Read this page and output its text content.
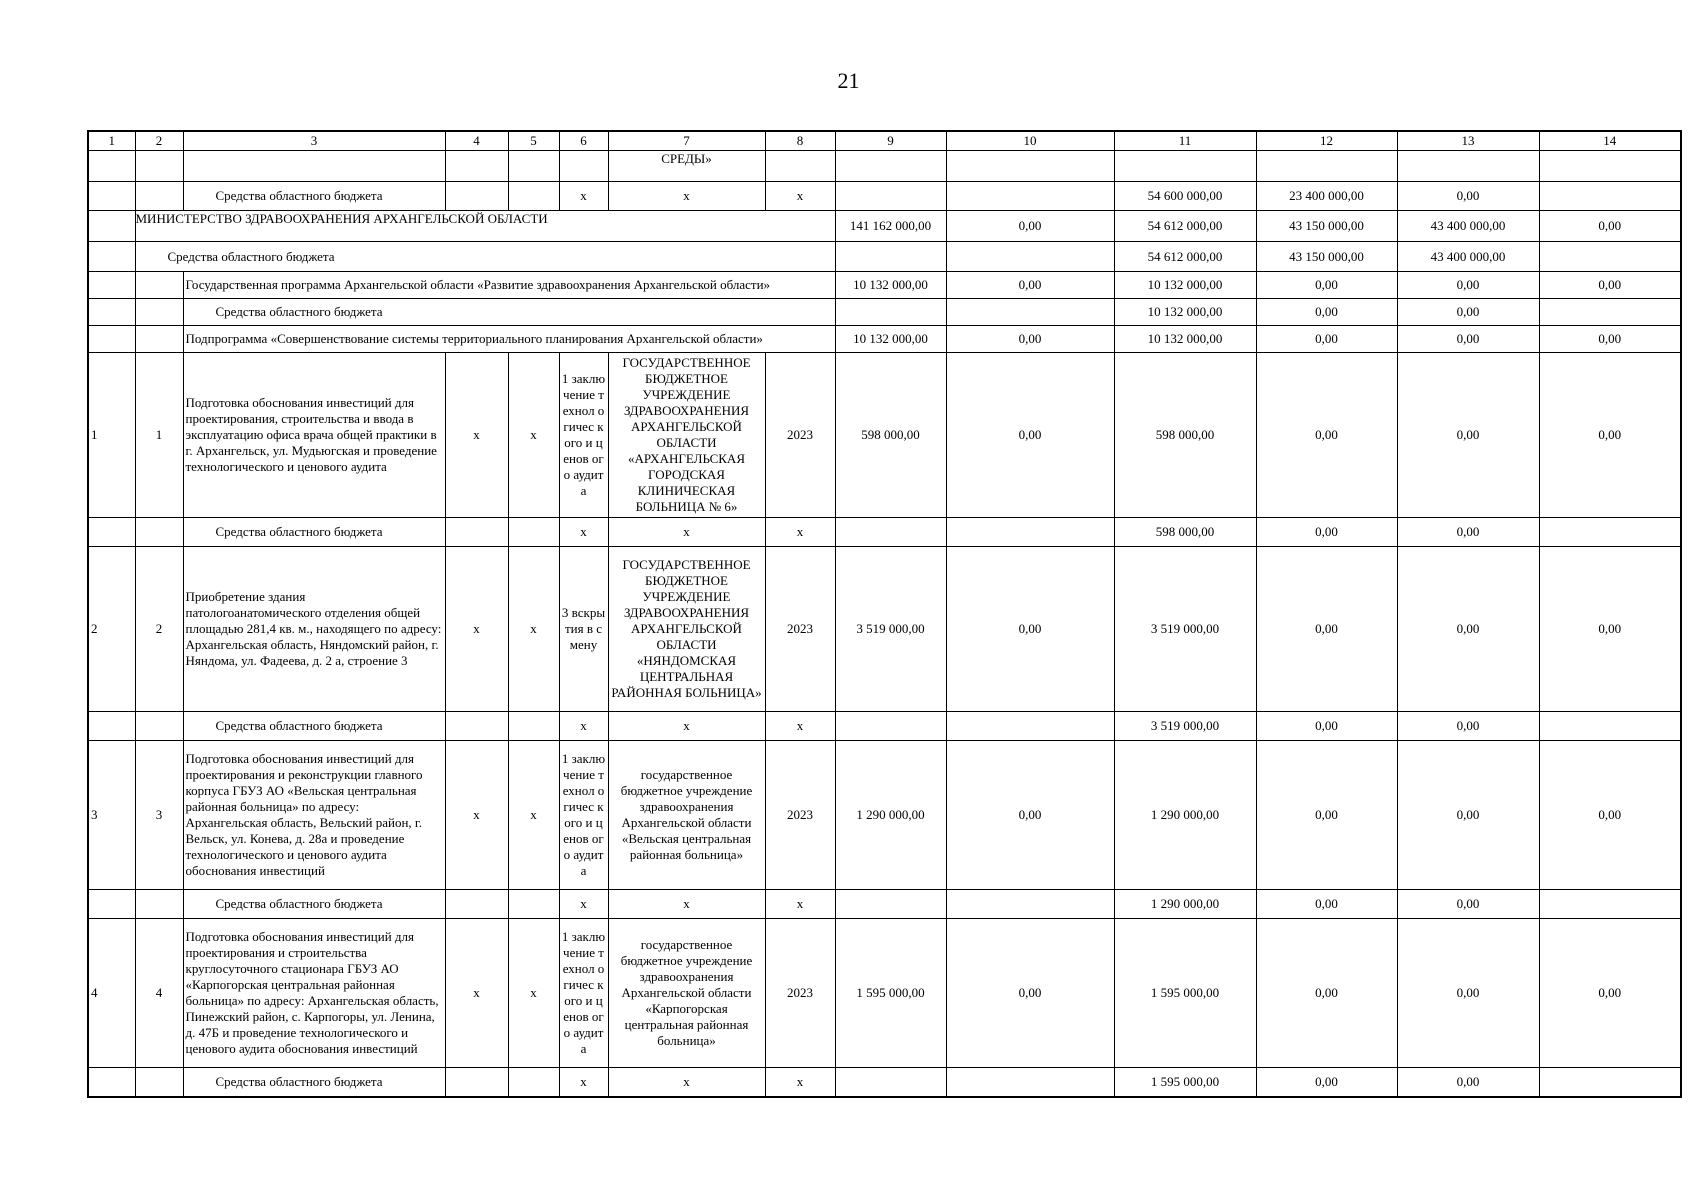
21
1	2	3	4	5	6	7	8	9	10	11	12	13	14
						СРЕДЫ»							
		Средства областного бюджета			x	x	x			54 600 000,00	23 400 000,00	0,00	
	МИНИСТЕРСТВО ЗДРАВООХРАНЕНИЯ АРХАНГЕЛЬСКОЙ ОБЛАСТИ							141 162 000,00	0,00	54 612 000,00	43 150 000,00	43 400 000,00	0,00
	Средства областного бюджета									54 612 000,00	43 150 000,00	43 400 000,00	
		Государственная программа Архангельской области «Развитие здравоохранения Архангельской области»						10 132 000,00	0,00	10 132 000,00	0,00	0,00	0,00
		Средства областного бюджета								10 132 000,00	0,00	0,00	
		Подпрограмма «Совершенствование системы территориального планирования Архангельской области»						10 132 000,00	0,00	10 132 000,00	0,00	0,00	0,00
1	1	Подготовка обоснования инвестиций для проектирования, строительства и ввода в эксплуатацию офиса врача общей практики в г. Архангельск, ул. Мудьюгская и проведение технологического и ценового аудита	x	x	1 заклю чение технол огичес кого и ценов ого аудита	ГОСУДАРСТВЕННОЕ БЮДЖЕТНОЕ УЧРЕЖДЕНИЕ ЗДРАВООХРАНЕНИЯ АРХАНГЕЛЬСКОЙ ОБЛАСТИ «АРХАНГЕЛЬСКАЯ ГОРОДСКАЯ КЛИНИЧЕСКАЯ БОЛЬНИЦА № 6»	2023	598 000,00	0,00	598 000,00	0,00	0,00	0,00
		Средства областного бюджета			x	x	x			598 000,00	0,00	0,00	
2	2	Приобретение здания патологоанатомического отделения общей площадью 281,4 кв. м., находящего по адресу: Архангельская область, Няндомский район, г. Няндома, ул. Фадеева, д. 2 а, строение 3	x	x	3 вскры тия в смену	ГОСУДАРСТВЕННОЕ БЮДЖЕТНОЕ УЧРЕЖДЕНИЕ ЗДРАВООХРАНЕНИЯ АРХАНГЕЛЬСКОЙ ОБЛАСТИ «НЯНДОМСКАЯ ЦЕНТРАЛЬНАЯ РАЙОННАЯ БОЛЬНИЦА»	2023	3 519 000,00	0,00	3 519 000,00	0,00	0,00	0,00
		Средства областного бюджета			x	x	x			3 519 000,00	0,00	0,00	
3	3	Подготовка обоснования инвестиций для проектирования и реконструкции главного корпуса ГБУЗ АО «Вельская центральная районная больница» по адресу: Архангельская область, Вельский район, г. Вельск, ул. Конева, д. 28а и проведение технологического и ценового аудита обоснования инвестиций	x	x	1 заклю чение технол огичес кого и ценов ого аудита	государственное бюджетное учреждение здравоохранения Архангельской области «Вельская центральная районная больница»	2023	1 290 000,00	0,00	1 290 000,00	0,00	0,00	0,00
		Средства областного бюджета			x	x	x			1 290 000,00	0,00	0,00	
4	4	Подготовка обоснования инвестиций для проектирования и строительства круглосуточного стационара ГБУЗ АО «Карпогорская центральная районная больница» по адресу: Архангельская область, Пинежский район, с. Карпогоры, ул. Ленина, д. 47Б и проведение технологического и ценового аудита обоснования инвестиций	x	x	1 заклю чение технол огичес кого и ценов ого аудита	государственное бюджетное учреждение здравоохранения Архангельской области «Карпогорская центральная районная больница»	2023	1 595 000,00	0,00	1 595 000,00	0,00	0,00	0,00
		Средства областного бюджета			x	x	x			1 595 000,00	0,00	0,00	
